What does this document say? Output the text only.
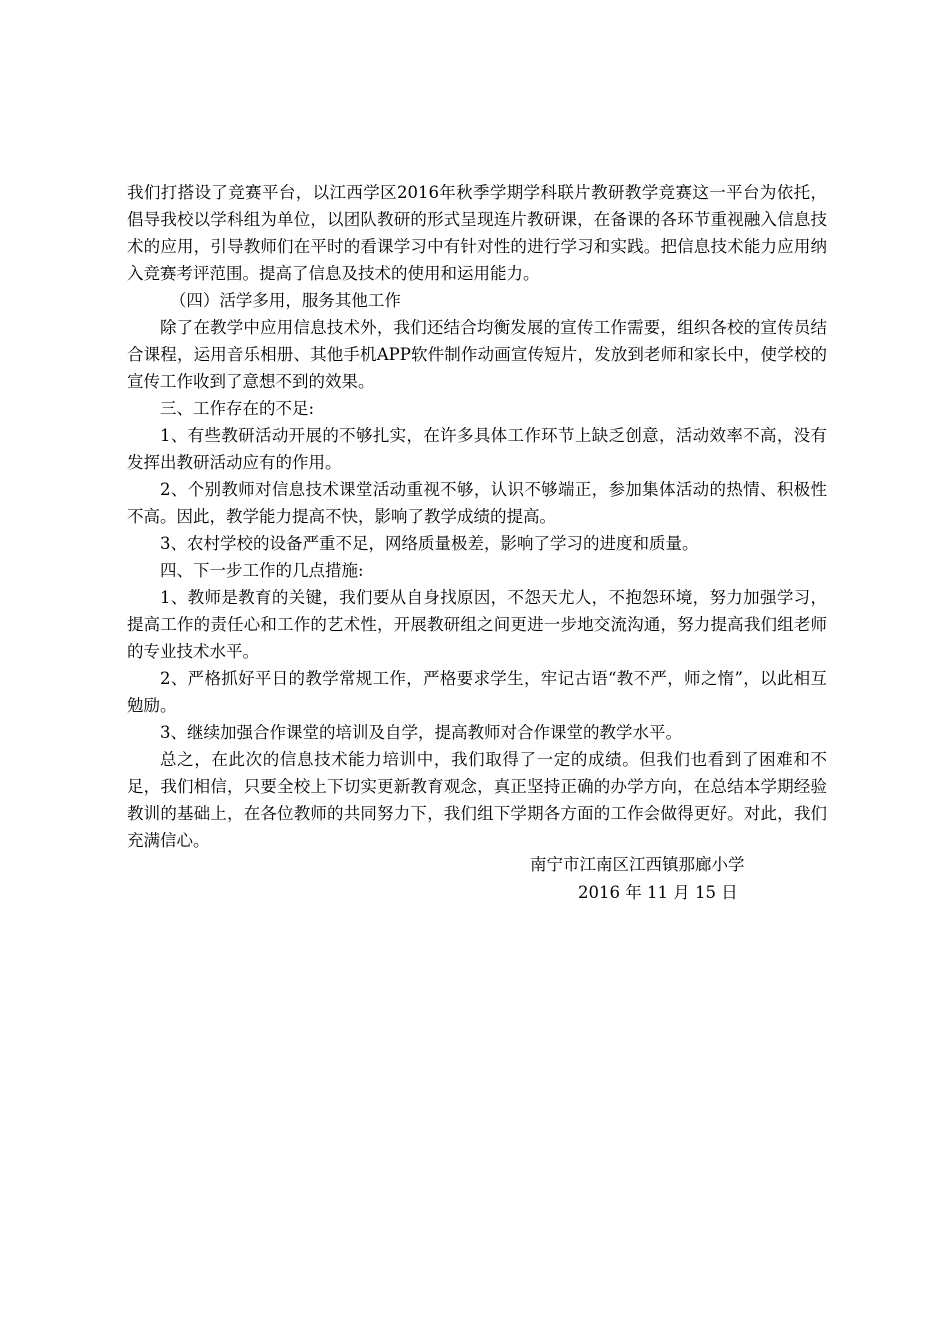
我们打搭设了竞赛平台，以江西学区2016年秋季学期学科联片教研教学竞赛这一平台为依托，倡导我校以学科组为单位，以团队教研的形式呈现连片教研课，在备课的各环节重视融入信息技术的应用，引导教师们在平时的看课学习中有针对性的进行学习和实践。把信息技术能力应用纳入竞赛考评范围。提高了信息及技术的使用和运用能力。

（四）活学多用，服务其他工作

除了在教学中应用信息技术外，我们还结合均衡发展的宣传工作需要，组织各校的宣传员结合课程，运用音乐相册、其他手机APP软件制作动画宣传短片，发放到老师和家长中，使学校的宣传工作收到了意想不到的效果。

三、工作存在的不足:

1、有些教研活动开展的不够扎实，在许多具体工作环节上缺乏创意，活动效率不高，没有发挥出教研活动应有的作用。

2、个别教师对信息技术课堂活动重视不够，认识不够端正，参加集体活动的热情、积极性不高。因此，教学能力提高不快，影响了教学成绩的提高。

3、农村学校的设备严重不足，网络质量极差，影响了学习的进度和质量。

四、下一步工作的几点措施:

1、教师是教育的关键，我们要从自身找原因，不怨天尤人，不抱怨环境，努力加强学习，提高工作的责任心和工作的艺术性，开展教研组之间更进一步地交流沟通，努力提高我们组老师的专业技术水平。

2、严格抓好平日的教学常规工作，严格要求学生，牢记古语“教不严，师之惰”，以此相互勉励。

3、继续加强合作课堂的培训及自学，提高教师对合作课堂的教学水平。

总之，在此次的信息技术能力培训中，我们取得了一定的成绩。但我们也看到了困难和不足，我们相信，只要全校上下切实更新教育观念，真正坚持正确的办学方向，在总结本学期经验教训的基础上，在各位教师的共同努力下，我们组下学期各方面的工作会做得更好。对此，我们充满信心。

南宁市江南区江西镇那廊小学
2016 年 11 月 15 日
